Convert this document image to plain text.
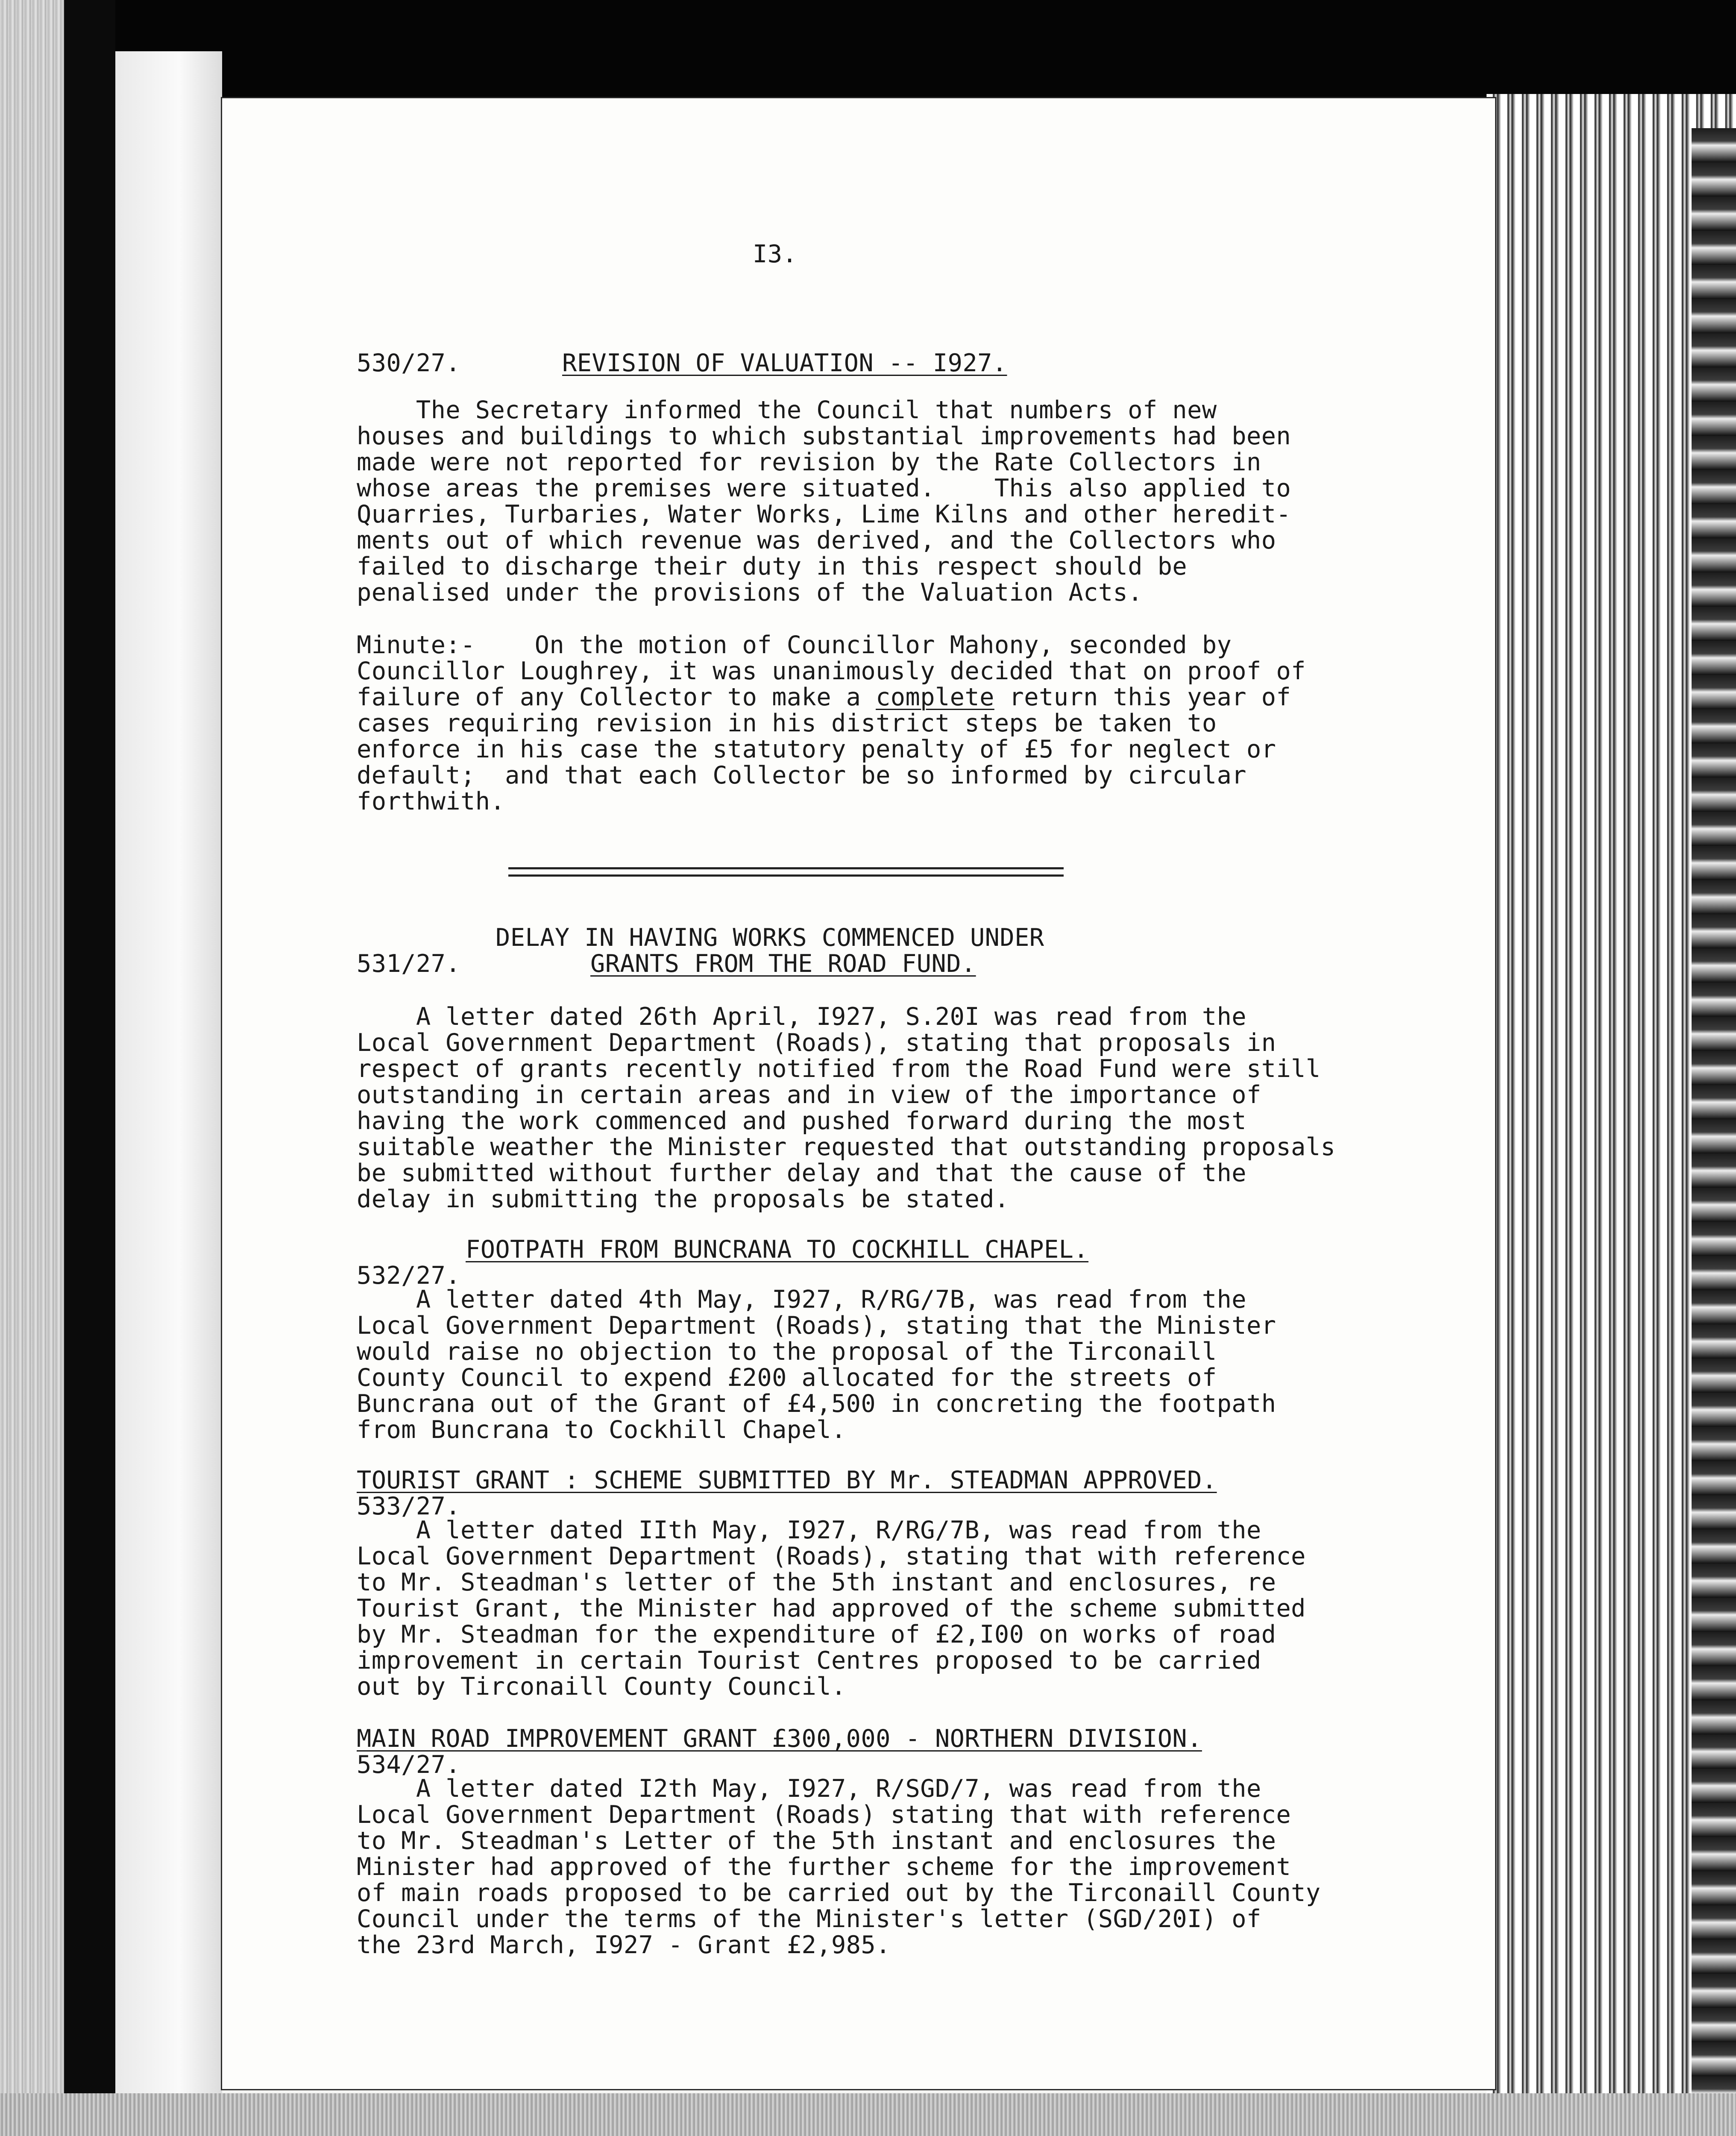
I3.
530/27.	REVISION OF VALUATION -- I927.
The Secretary informed the Council that numbers of new
houses and buildings to which substantial improvements had been
made were not reported for revision by the Rate Collectors in
whose areas the premises were situated.    This also applied to
Quarries, Turbaries, Water Works, Lime Kilns and other heredit-
ments out of which revenue was derived, and the Collectors who
failed to discharge their duty in this respect should be
penalised under the provisions of the Valuation Acts.
Minute:-    On the motion of Councillor Mahony, seconded by
Councillor Loughrey, it was unanimously decided that on proof of
failure of any Collector to make a complete return this year of
cases requiring revision in his district steps be taken to
enforce in his case the statutory penalty of £5 for neglect or
default;  and that each Collector be so informed by circular
forthwith.
DELAY IN HAVING WORKS COMMENCED UNDER
531/27.	GRANTS FROM THE ROAD FUND.
A letter dated 26th April, I927, S.20I was read from the
Local Government Department (Roads), stating that proposals in
respect of grants recently notified from the Road Fund were still
outstanding in certain areas and in view of the importance of
having the work commenced and pushed forward during the most
suitable weather the Minister requested that outstanding proposals
be submitted without further delay and that the cause of the
delay in submitting the proposals be stated.
FOOTPATH FROM BUNCRANA TO COCKHILL CHAPEL.
532/27.
A letter dated 4th May, I927, R/RG/7B, was read from the
Local Government Department (Roads), stating that the Minister
would raise no objection to the proposal of the Tirconaill
County Council to expend £200 allocated for the streets of
Buncrana out of the Grant of £4,500 in concreting the footpath
from Buncrana to Cockhill Chapel.
TOURIST GRANT : SCHEME SUBMITTED BY Mr. STEADMAN APPROVED.
533/27.
A letter dated IIth May, I927, R/RG/7B, was read from the
Local Government Department (Roads), stating that with reference
to Mr. Steadman's letter of the 5th instant and enclosures, re
Tourist Grant, the Minister had approved of the scheme submitted
by Mr. Steadman for the expenditure of £2,I00 on works of road
improvement in certain Tourist Centres proposed to be carried
out by Tirconaill County Council.
MAIN ROAD IMPROVEMENT GRANT £300,000 - NORTHERN DIVISION.
534/27.
A letter dated I2th May, I927, R/SGD/7, was read from the
Local Government Department (Roads) stating that with reference
to Mr. Steadman's Letter of the 5th instant and enclosures the
Minister had approved of the further scheme for the improvement
of main roads proposed to be carried out by the Tirconaill County
Council under the terms of the Minister's letter (SGD/20I) of
the 23rd March, I927 - Grant £2,985.
